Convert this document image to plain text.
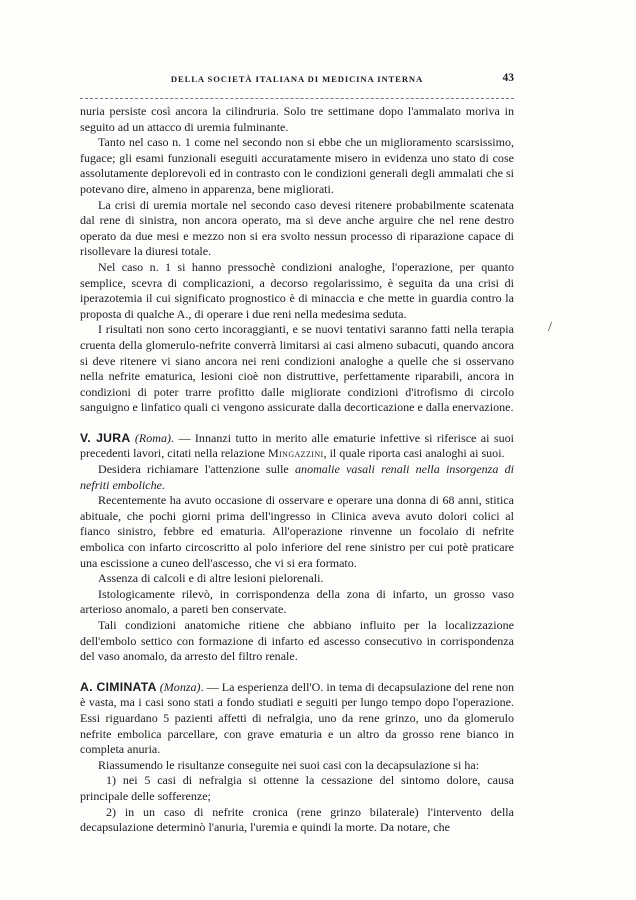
DELLA SOCIETÀ ITALIANA DI MEDICINA INTERNA	43

nuria persiste così ancora la cilindruria. Solo tre settimane dopo l'ammalato moriva in seguito ad un attacco di uremia fulminante.

Tanto nel caso n. 1 come nel secondo non si ebbe che un miglioramento scarsissimo, fugace; gli esami funzionali eseguiti accuratamente misero in evidenza uno stato di cose assolutamente deplorevoli ed in contrasto con le condizioni generali degli ammalati che si potevano dire, almeno in apparenza, bene migliorati.

La crisi di uremia mortale nel secondo caso devesi ritenere probabilmente scatenata dal rene di sinistra, non ancora operato, ma si deve anche arguire che nel rene destro operato da due mesi e mezzo non si era svolto nessun processo di riparazione capace di risollevare la diuresi totale.

Nel caso n. 1 si hanno pressochè condizioni analoghe, l'operazione, per quanto semplice, scevra di complicazioni, a decorso regolarissimo, è seguita da una crisi di iperazotemia il cui significato prognostico è di minaccia e che mette in guardia contro la proposta di qualche A., di operare i due reni nella medesima seduta.

I risultati non sono certo incoraggianti, e se nuovi tentativi saranno fatti nella terapia cruenta della glomerulo-nefrite converrà limitarsi ai casi almeno subacuti, quando ancora si deve ritenere vi siano ancora nei reni condizioni analoghe a quelle che si osservano nella nefrite ematurica, lesioni cioè non distruttive, perfettamente riparabili, ancora in condizioni di poter trarre profitto dalle migliorate condizioni d'itrofismo di circolo sanguigno e linfatico quali ci vengono assicurate dalla decorticazione e dalla enervazione.

V. JURA (Roma). — Innanzi tutto in merito alle ematurie infettive si riferisce ai suoi precedenti lavori, citati nella relazione Mingazzini, il quale riporta casi analoghi ai suoi.

Desidera richiamare l'attenzione sulle anomalie vasali renali nella insorgenza di nefriti emboliche.

Recentemente ha avuto occasione di osservare e operare una donna di 68 anni, stitica abituale, che pochi giorni prima dell'ingresso in Clinica aveva avuto dolori colici al fianco sinistro, febbre ed ematuria. All'operazione rinvenne un focolaio di nefrite embolica con infarto circoscritto al polo inferiore del rene sinistro per cui potè praticare una escissione a cuneo dell'ascesso, che vi si era formato.

Assenza di calcoli e di altre lesioni pielorenali.

Istologicamente rilevò, in corrispondenza della zona di infarto, un grosso vaso arterioso anomalo, a pareti ben conservate.

Tali condizioni anatomiche ritiene che abbiano influito per la localizzazione dell'embolo settico con formazione di infarto ed ascesso consecutivo in corrispondenza del vaso anomalo, da arresto del filtro renale.

A. CIMINATA (Monza). — La esperienza dell'O. in tema di decapsulazione del rene non è vasta, ma i casi sono stati a fondo studiati e seguiti per lungo tempo dopo l'operazione. Essi riguardano 5 pazienti affetti di nefralgia, uno da rene grinzo, uno da glomerulo nefrite embolica parcellare, con grave ematuria e un altro da grosso rene bianco in completa anuria.

Riassumendo le risultanze conseguite nei suoi casi con la decapsulazione si ha:

1) nei 5 casi di nefralgia si ottenne la cessazione del sintomo dolore, causa principale delle sofferenze;

2) in un caso di nefrite cronica (rene grinzo bilaterale) l'intervento della decapsulazione determinò l'anuria, l'uremia e quindi la morte. Da notare, che

/
